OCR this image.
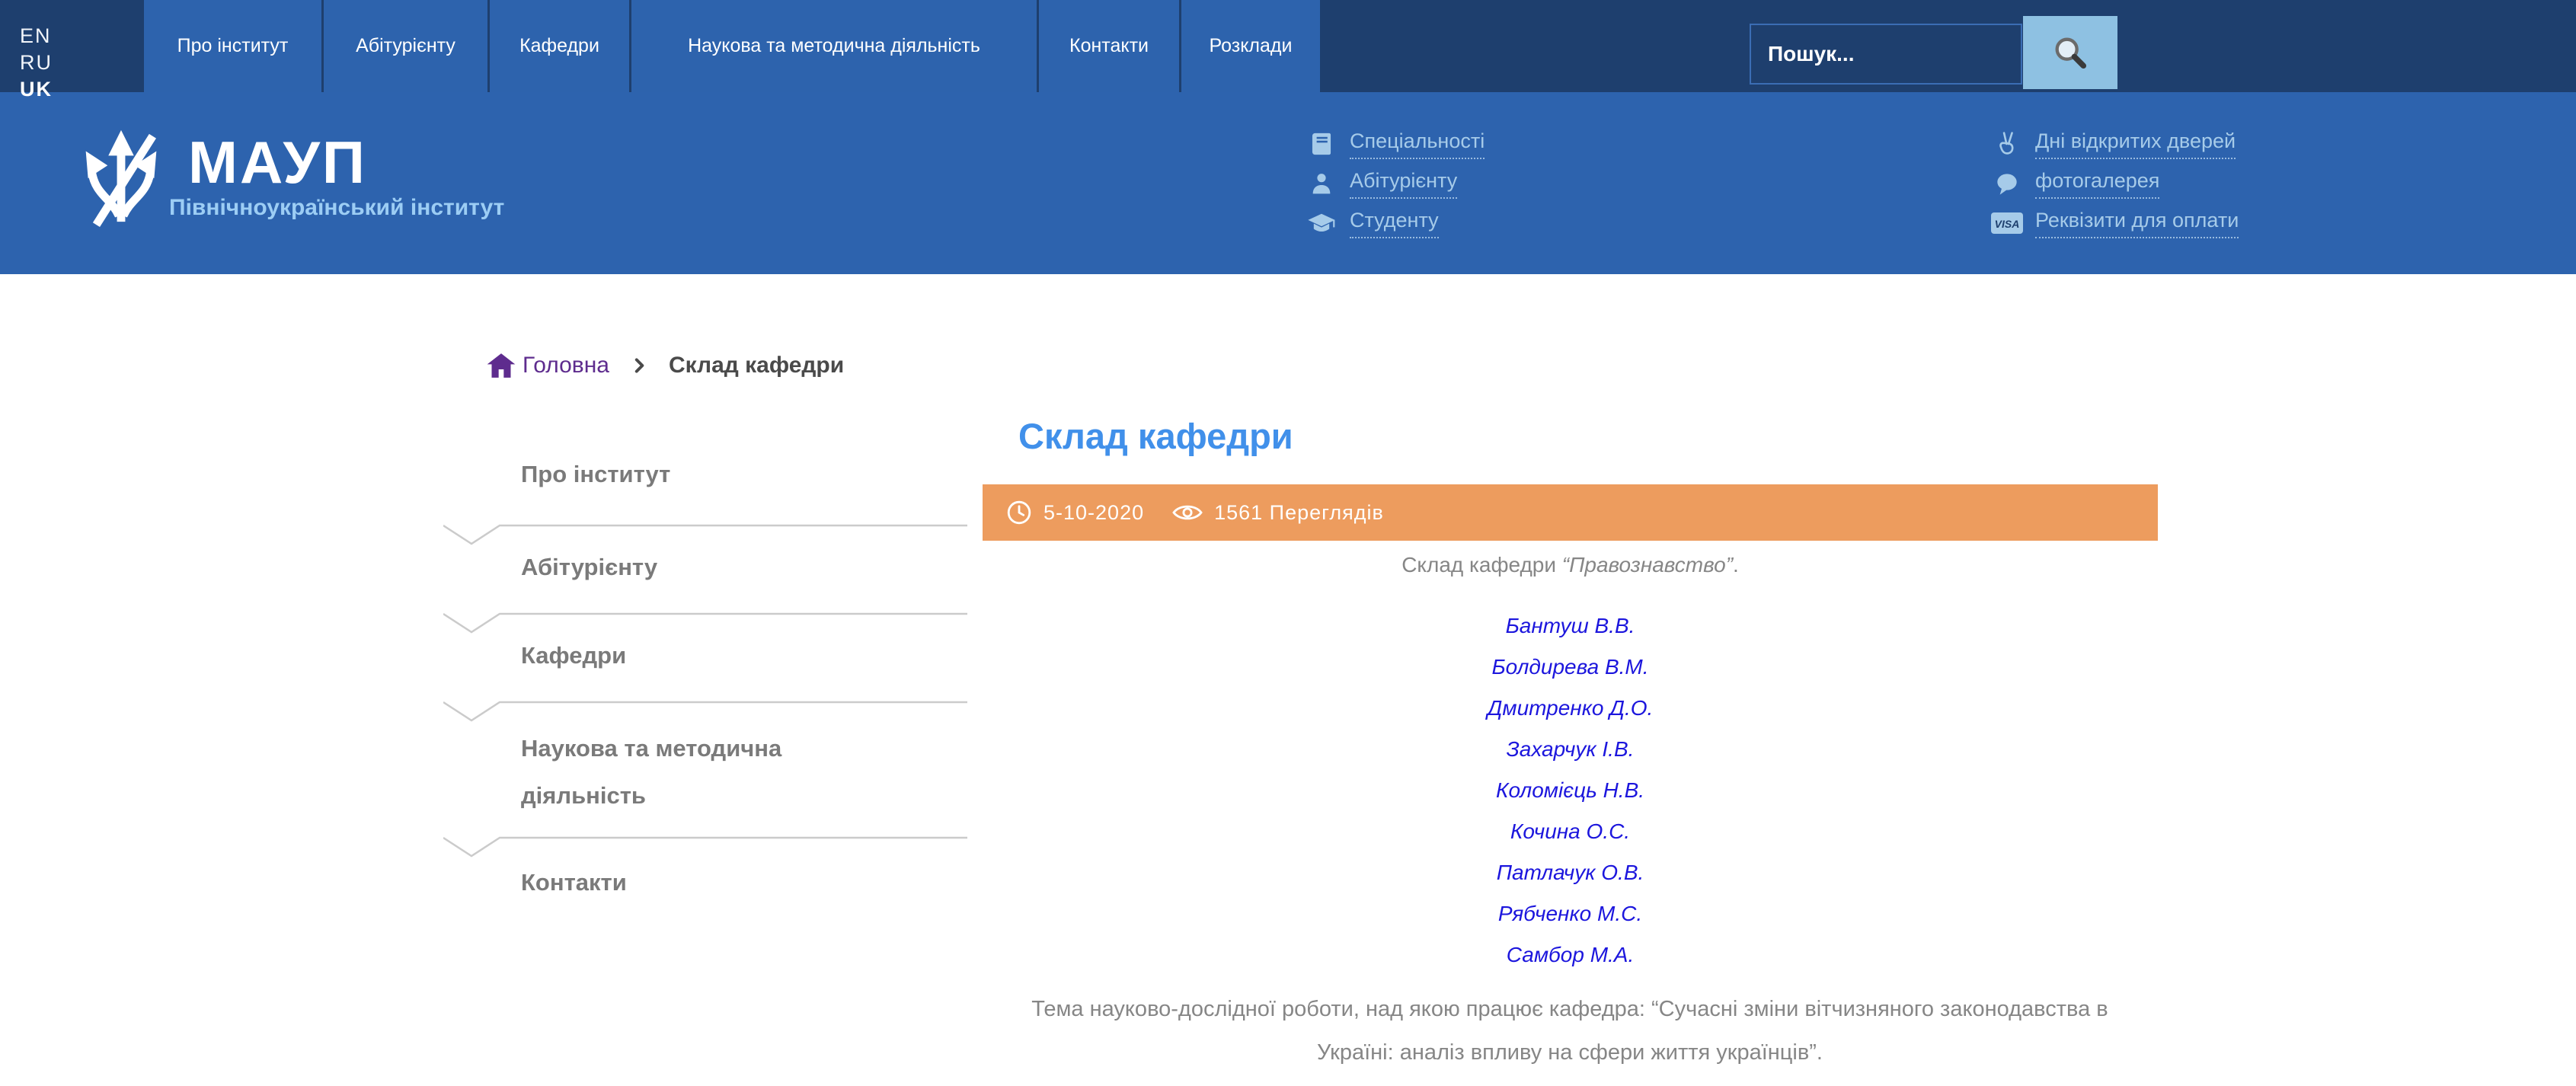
EN
RU
UK
Про інститут	Абітурієнту	Кафедри	Наукова та методична діяльність	Контакти	Розклади
Пошук...
МАУП
Північноукраїнський інститут
Спеціальності
Абітурієнту
Студенту
Дні відкритих дверей
фотогалерея
VISA Реквізити для оплати
Головна	Склад кафедри
Про інститут
Абітурієнту
Кафедри
Наукова та методична діяльність
Контакти
Склад кафедри
5-10-2020	1561 Переглядів

Склад кафедри “Правознавство”.

Бантуш В.В.
Болдирева В.М.
Дмитренко Д.О.
Захарчук І.В.
Коломієць Н.В.
Кочина О.С.
Патлачук О.В.
Рябченко М.С.
Самбор М.А.

Тема науково-дослідної роботи, над якою працює кафедра: “Сучасні зміни вітчизняного законодавства в Україні: аналіз впливу на сфери життя українців”.
